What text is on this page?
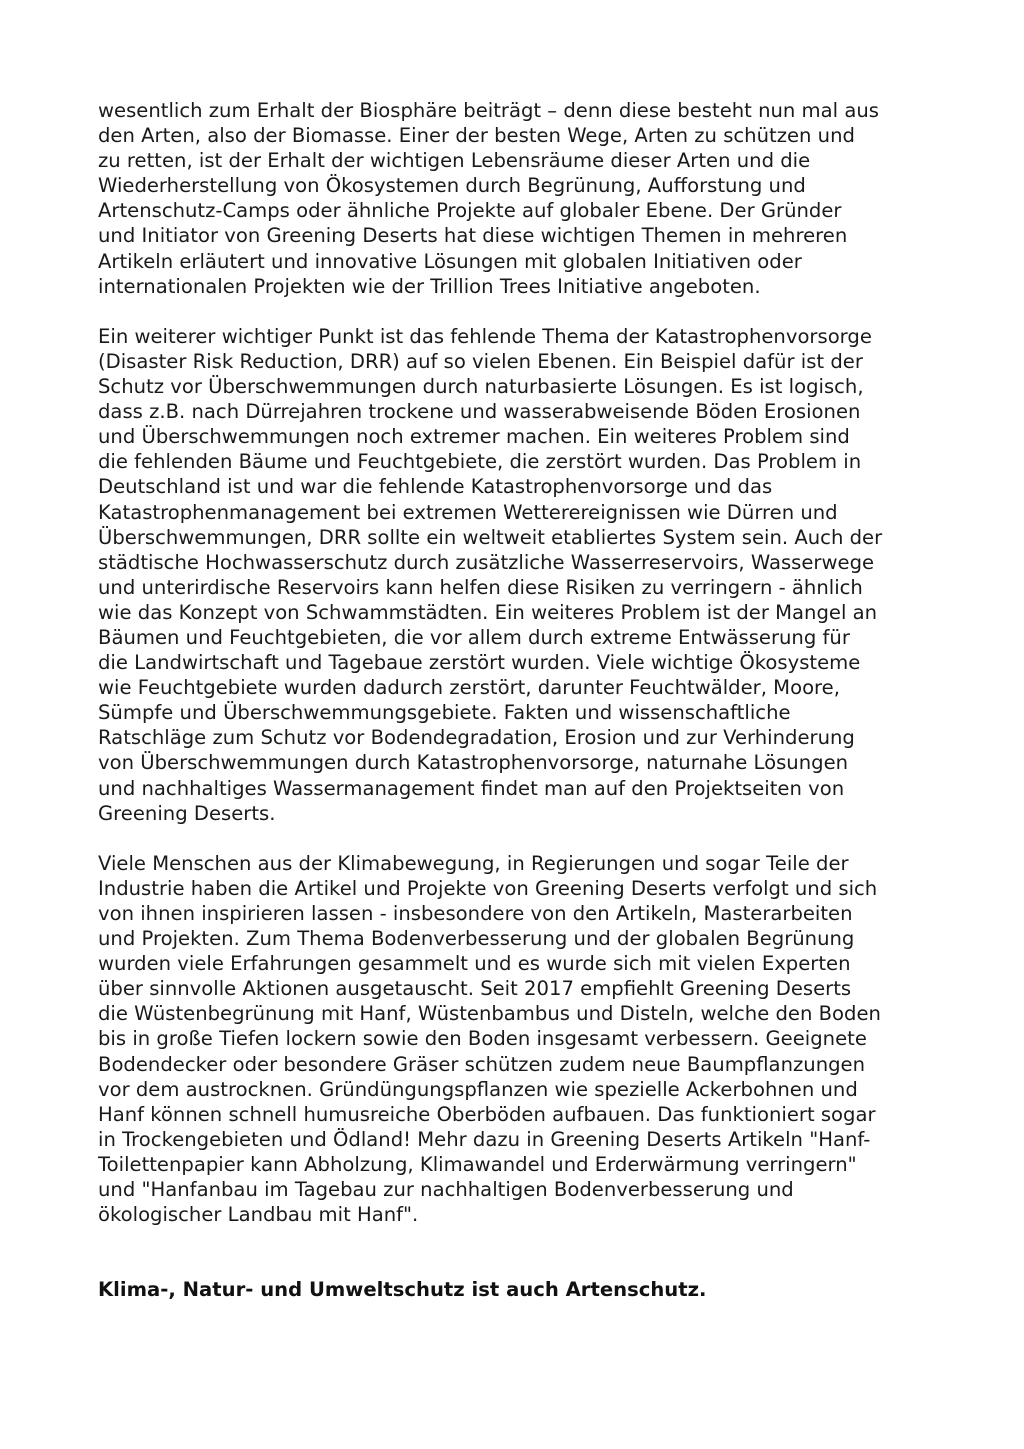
wesentlich zum Erhalt der Biosphäre beiträgt – denn diese besteht nun mal aus
den Arten, also der Biomasse. Einer der besten Wege, Arten zu schützen und
zu retten, ist der Erhalt der wichtigen Lebensräume dieser Arten und die
Wiederherstellung von Ökosystemen durch Begrünung, Aufforstung und
Artenschutz-Camps oder ähnliche Projekte auf globaler Ebene. Der Gründer
und Initiator von Greening Deserts hat diese wichtigen Themen in mehreren
Artikeln erläutert und innovative Lösungen mit globalen Initiativen oder
internationalen Projekten wie der Trillion Trees Initiative angeboten.

Ein weiterer wichtiger Punkt ist das fehlende Thema der Katastrophenvorsorge
(Disaster Risk Reduction, DRR) auf so vielen Ebenen. Ein Beispiel dafür ist der
Schutz vor Überschwemmungen durch naturbasierte Lösungen. Es ist logisch,
dass z.B. nach Dürrejahren trockene und wasserabweisende Böden Erosionen
und Überschwemmungen noch extremer machen. Ein weiteres Problem sind
die fehlenden Bäume und Feuchtgebiete, die zerstört wurden. Das Problem in
Deutschland ist und war die fehlende Katastrophenvorsorge und das
Katastrophenmanagement bei extremen Wetterereignissen wie Dürren und
Überschwemmungen, DRR sollte ein weltweit etabliertes System sein. Auch der
städtische Hochwasserschutz durch zusätzliche Wasserreservoirs, Wasserwege
und unterirdische Reservoirs kann helfen diese Risiken zu verringern - ähnlich
wie das Konzept von Schwammstädten. Ein weiteres Problem ist der Mangel an
Bäumen und Feuchtgebieten, die vor allem durch extreme Entwässerung für
die Landwirtschaft und Tagebaue zerstört wurden. Viele wichtige Ökosysteme
wie Feuchtgebiete wurden dadurch zerstört, darunter Feuchtwälder, Moore,
Sümpfe und Überschwemmungsgebiete. Fakten und wissenschaftliche
Ratschläge zum Schutz vor Bodendegradation, Erosion und zur Verhinderung
von Überschwemmungen durch Katastrophenvorsorge, naturnahe Lösungen
und nachhaltiges Wassermanagement findet man auf den Projektseiten von
Greening Deserts.

Viele Menschen aus der Klimabewegung, in Regierungen und sogar Teile der
Industrie haben die Artikel und Projekte von Greening Deserts verfolgt und sich
von ihnen inspirieren lassen - insbesondere von den Artikeln, Masterarbeiten
und Projekten. Zum Thema Bodenverbesserung und der globalen Begrünung
wurden viele Erfahrungen gesammelt und es wurde sich mit vielen Experten
über sinnvolle Aktionen ausgetauscht. Seit 2017 empfiehlt Greening Deserts
die Wüstenbegrünung mit Hanf, Wüstenbambus und Disteln, welche den Boden
bis in große Tiefen lockern sowie den Boden insgesamt verbessern. Geeignete
Bodendecker oder besondere Gräser schützen zudem neue Baumpflanzungen
vor dem austrocknen. Gründüngungspflanzen wie spezielle Ackerbohnen und
Hanf können schnell humusreiche Oberböden aufbauen. Das funktioniert sogar
in Trockengebieten und Ödland! Mehr dazu in Greening Deserts Artikeln "Hanf-
Toilettenpapier kann Abholzung, Klimawandel und Erderwärmung verringern"
und "Hanfanbau im Tagebau zur nachhaltigen Bodenverbesserung und
ökologischer Landbau mit Hanf".

Klima-, Natur- und Umweltschutz ist auch Artenschutz.
